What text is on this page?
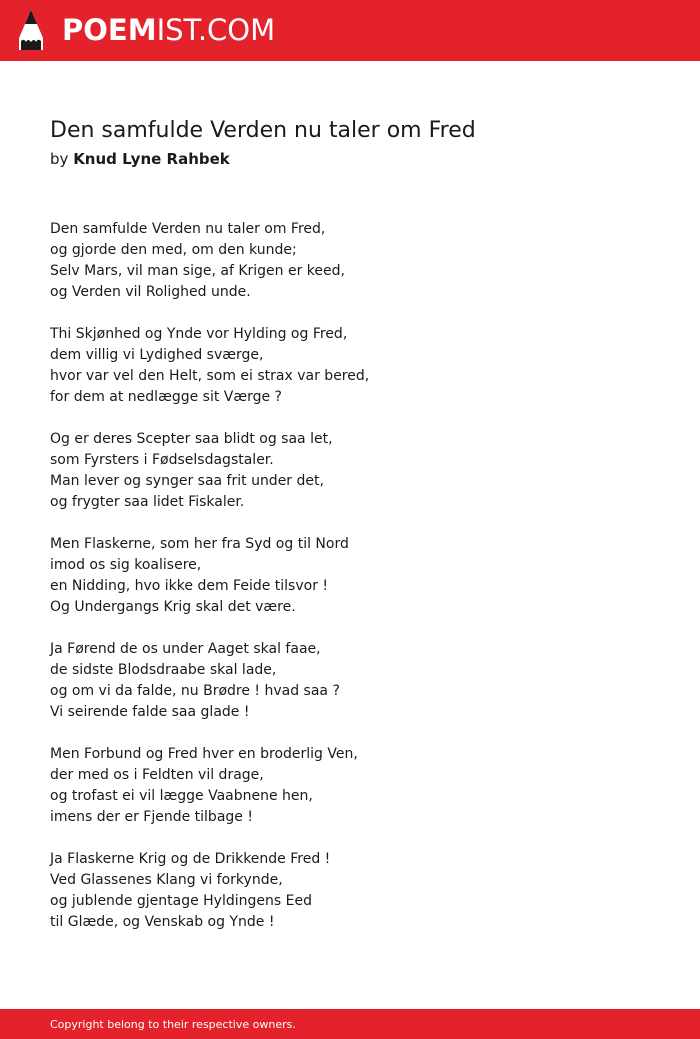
POEMIST.COM
Den samfulde Verden nu taler om Fred
by Knud Lyne Rahbek
Den samfulde Verden nu taler om Fred,
og gjorde den med, om den kunde;
Selv Mars, vil man sige, af Krigen er keed,
og Verden vil Rolighed unde.
Thi Skjønhed og Ynde vor Hylding og Fred,
dem villig vi Lydighed sværge,
hvor var vel den Helt, som ei strax var bered,
for dem at nedlægge sit Værge ?
Og er deres Scepter saa blidt og saa let,
som Fyrsters i Fødselsdagstaler.
Man lever og synger saa frit under det,
og frygter saa lidet Fiskaler.
Men Flaskerne, som her fra Syd og til Nord
imod os sig koalisere,
en Nidding, hvo ikke dem Feide tilsvor !
Og Undergangs Krig skal det være.
Ja Førend de os under Aaget skal faae,
de sidste Blodsdraabe skal lade,
og om vi da falde, nu Brødre ! hvad saa ?
Vi seirende falde saa glade !
Men Forbund og Fred hver en broderlig Ven,
der med os i Feldten vil drage,
og trofast ei vil lægge Vaabnene hen,
imens der er Fjende tilbage !
Ja Flaskerne Krig og de Drikkende Fred !
Ved Glassenes Klang vi forkynde,
og jublende gjentage Hyldingens Eed
til Glæde, og Venskab og Ynde !
Copyright belong to their respective owners.
